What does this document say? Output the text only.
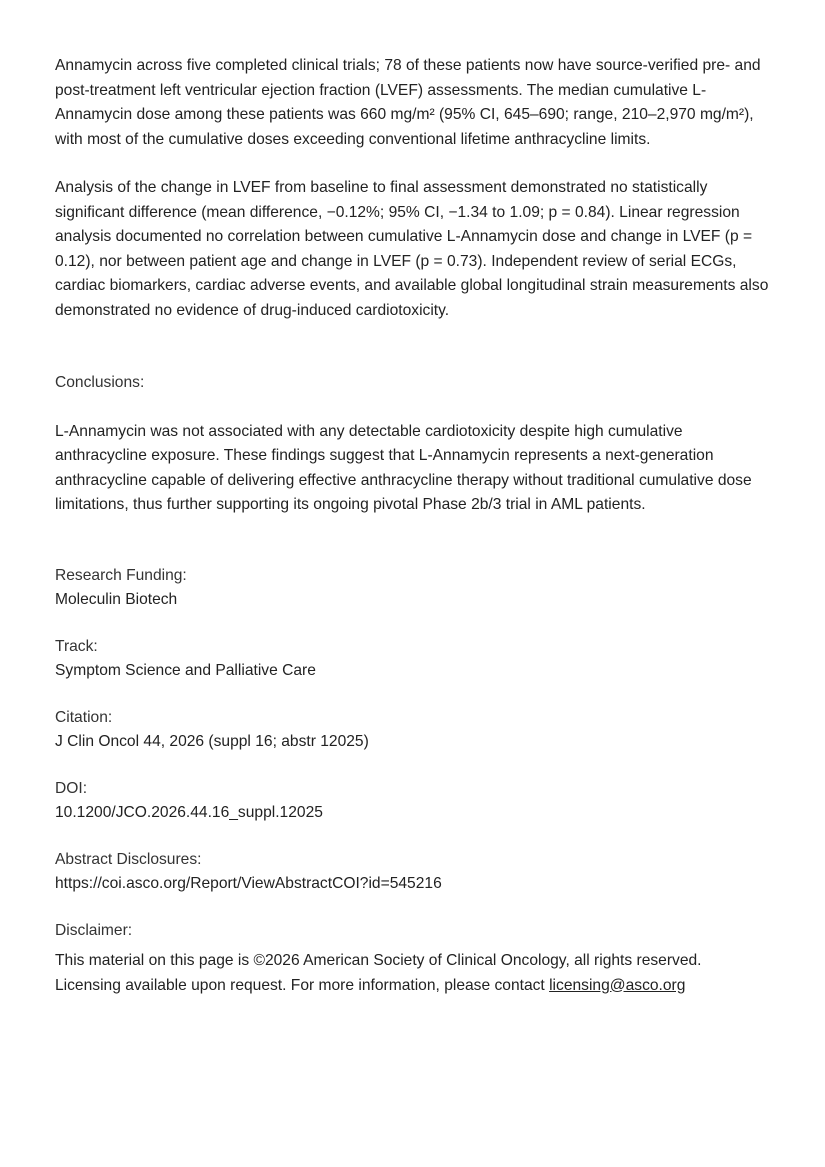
Annamycin across five completed clinical trials; 78 of these patients now have source-verified pre- and post-treatment left ventricular ejection fraction (LVEF) assessments. The median cumulative L-Annamycin dose among these patients was 660 mg/m² (95% CI, 645–690; range, 210–2,970 mg/m²), with most of the cumulative doses exceeding conventional lifetime anthracycline limits.

Analysis of the change in LVEF from baseline to final assessment demonstrated no statistically significant difference (mean difference, −0.12%; 95% CI, −1.34 to 1.09; p = 0.84). Linear regression analysis documented no correlation between cumulative L-Annamycin dose and change in LVEF (p = 0.12), nor between patient age and change in LVEF (p = 0.73). Independent review of serial ECGs, cardiac biomarkers, cardiac adverse events, and available global longitudinal strain measurements also demonstrated no evidence of drug-induced cardiotoxicity.

Conclusions:

L-Annamycin was not associated with any detectable cardiotoxicity despite high cumulative anthracycline exposure. These findings suggest that L-Annamycin represents a next-generation anthracycline capable of delivering effective anthracycline therapy without traditional cumulative dose limitations, thus further supporting its ongoing pivotal Phase 2b/3 trial in AML patients.

Research Funding:

Moleculin Biotech

Track:

Symptom Science and Palliative Care

Citation:

J Clin Oncol 44, 2026 (suppl 16; abstr 12025)

DOI:

10.1200/JCO.2026.44.16_suppl.12025

Abstract Disclosures:

https://coi.asco.org/Report/ViewAbstractCOI?id=545216

Disclaimer:

This material on this page is ©2026 American Society of Clinical Oncology, all rights reserved.
Licensing available upon request. For more information, please contact licensing@asco.org
